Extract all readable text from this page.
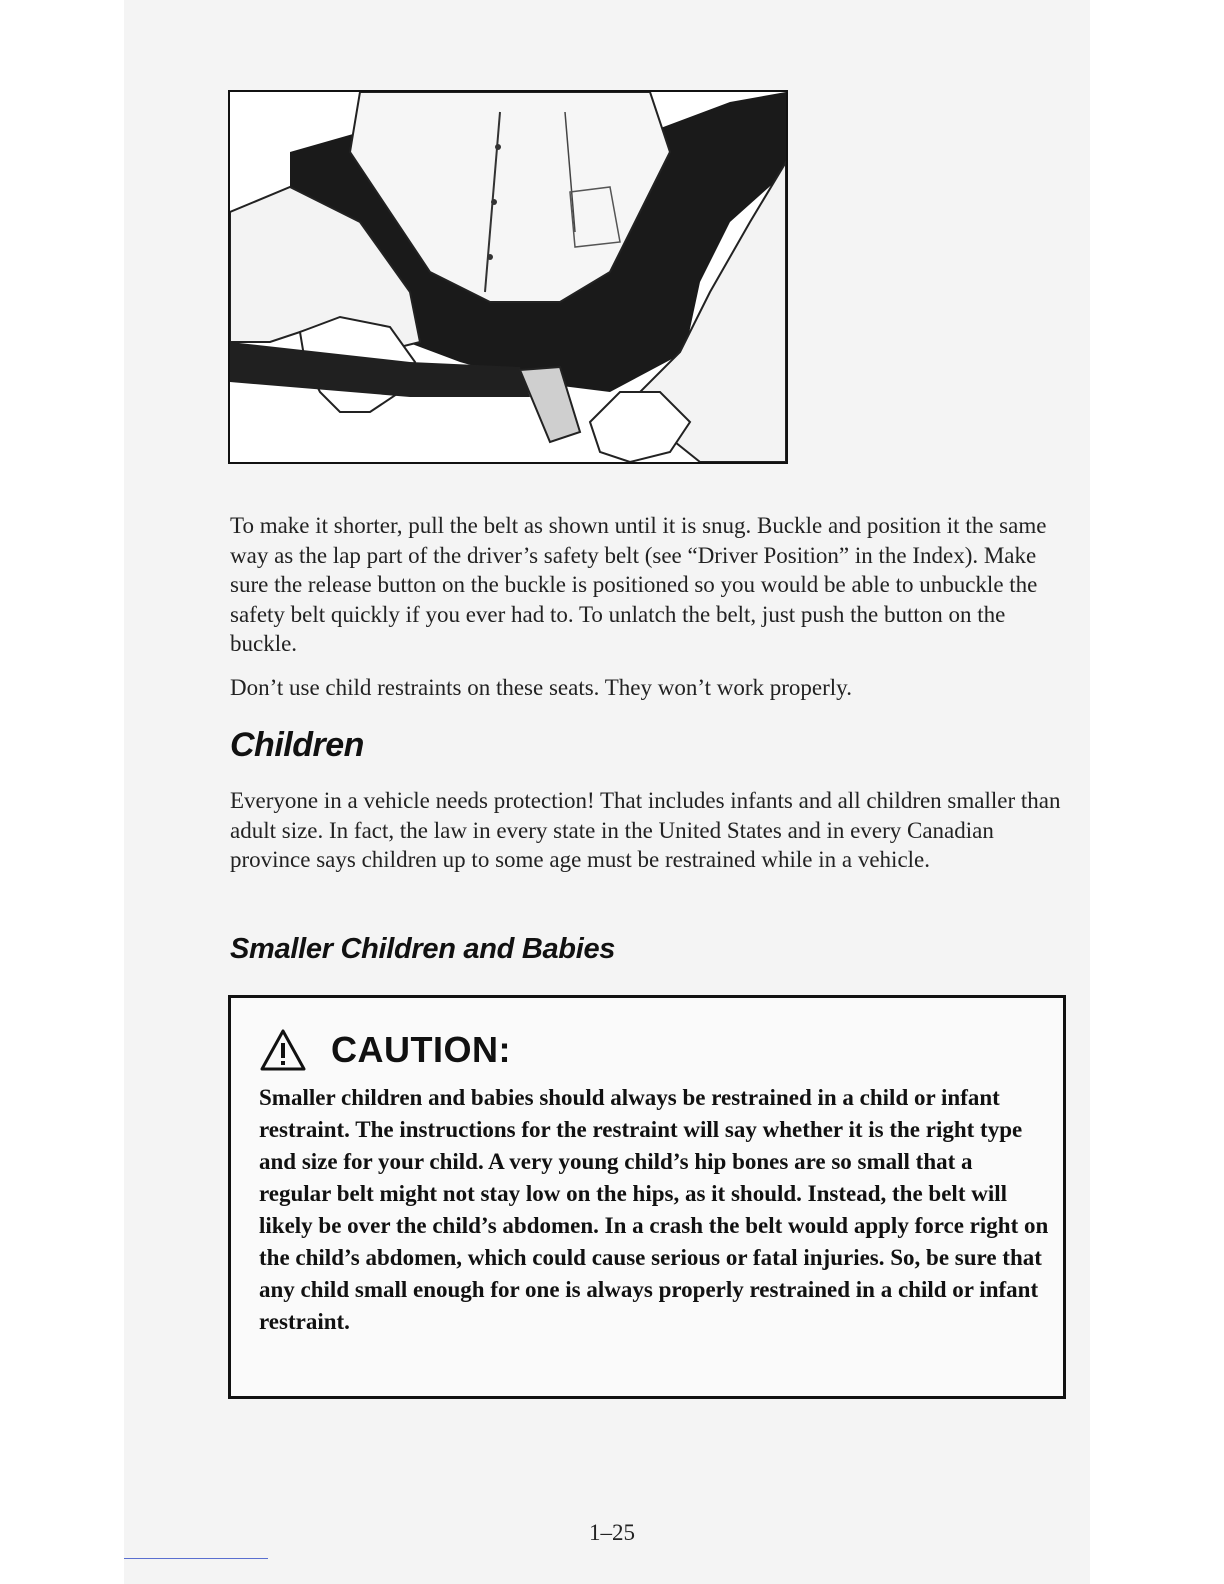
To make it shorter, pull the belt as shown until it is snug. Buckle and position it the same way as the lap part of the driver’s safety belt (see “Driver Position” in the Index). Make sure the release button on the buckle is positioned so you would be able to unbuckle the safety belt quickly if you ever had to. To unlatch the belt, just push the button on the buckle.

Don’t use child restraints on these seats. They won’t work properly.

Children

Everyone in a vehicle needs protection! That includes infants and all children smaller than adult size. In fact, the law in every state in the United States and in every Canadian province says children up to some age must be restrained while in a vehicle.

Smaller Children and Babies
CAUTION:

Smaller children and babies should always be restrained in a child or infant restraint. The instructions for the restraint will say whether it is the right type and size for your child. A very young child’s hip bones are so small that a regular belt might not stay low on the hips, as it should. Instead, the belt will likely be over the child’s abdomen. In a crash the belt would apply force right on the child’s abdomen, which could cause serious or fatal injuries. So, be sure that any child small enough for one is always properly restrained in a child or infant restraint.

1–25
